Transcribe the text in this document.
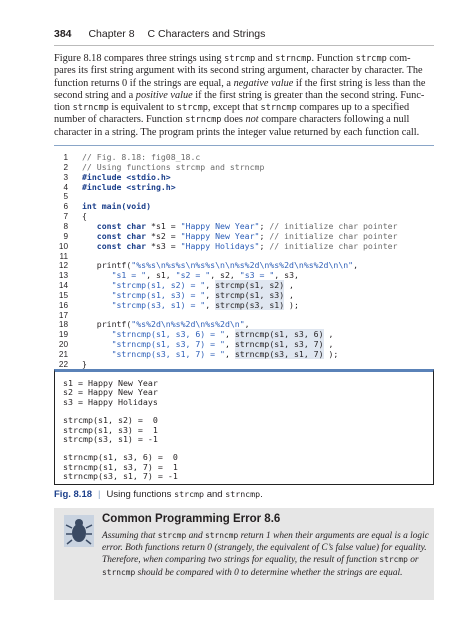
384 Chapter 8 C Characters and Strings
Figure 8.18 compares three strings using strcmp and strncmp. Function strcmp com-
pares its first string argument with its second string argument, character by character. The
function returns 0 if the strings are equal, a negative value if the first string is less than the
second string and a positive value if the first string is greater than the second string. Func-
tion strncmp is equivalent to strcmp, except that strncmp compares up to a specified
number of characters. Function strncmp does not compare characters following a null
character in a string. The program prints the integer value returned by each function call.
1 // Fig. 8.18: fig08_18.c
2 // Using functions strcmp and strncmp
3 #include <stdio.h>
4 #include <string.h>
5
6 int main(void)
7 {
8 const char *s1 = "Happy New Year"; // initialize char pointer
9 const char *s2 = "Happy New Year"; // initialize char pointer
10 const char *s3 = "Happy Holidays"; // initialize char pointer
11
12 printf("%s%s\n%s%s\n%s%s\n\n%s%2d\n%s%2d\n%s%2d\n\n",
13	"s1 = ", s1, "s2 = ", s2, "s3 = ", s3,
14	"strcmp(s1, s2) = ", strcmp(s1, s2) ,
15	"strcmp(s1, s3) = ", strcmp(s1, s3) ,
16	"strcmp(s3, s1) = ", strcmp(s3, s1) );
17
18 printf("%s%2d\n%s%2d\n%s%2d\n",
19	"strncmp(s1, s3, 6) = ", strncmp(s1, s3, 6) ,
20	"strncmp(s1, s3, 7) = ", strncmp(s1, s3, 7) ,
21	"strncmp(s3, s1, 7) = ", strncmp(s3, s1, 7) );
22 }
s1 = Happy New Year
s2 = Happy New Year
s3 = Happy Holidays
strcmp(s1, s2) =  0
strcmp(s1, s3) =  1
strcmp(s3, s1) = -1
strncmp(s1, s3, 6) =  0
strncmp(s1, s3, 7) =  1
strncmp(s3, s1, 7) = -1
Fig. 8.18 | Using functions strcmp and strncmp.
Common Programming Error 8.6
Assuming that strcmp and strncmp return 1 when their arguments are equal is a logic
error. Both functions return 0 (strangely, the equivalent of C’s false value) for equality.
Therefore, when comparing two strings for equality, the result of function strcmp or
strncmp should be compared with 0 to determine whether the strings are equal.
